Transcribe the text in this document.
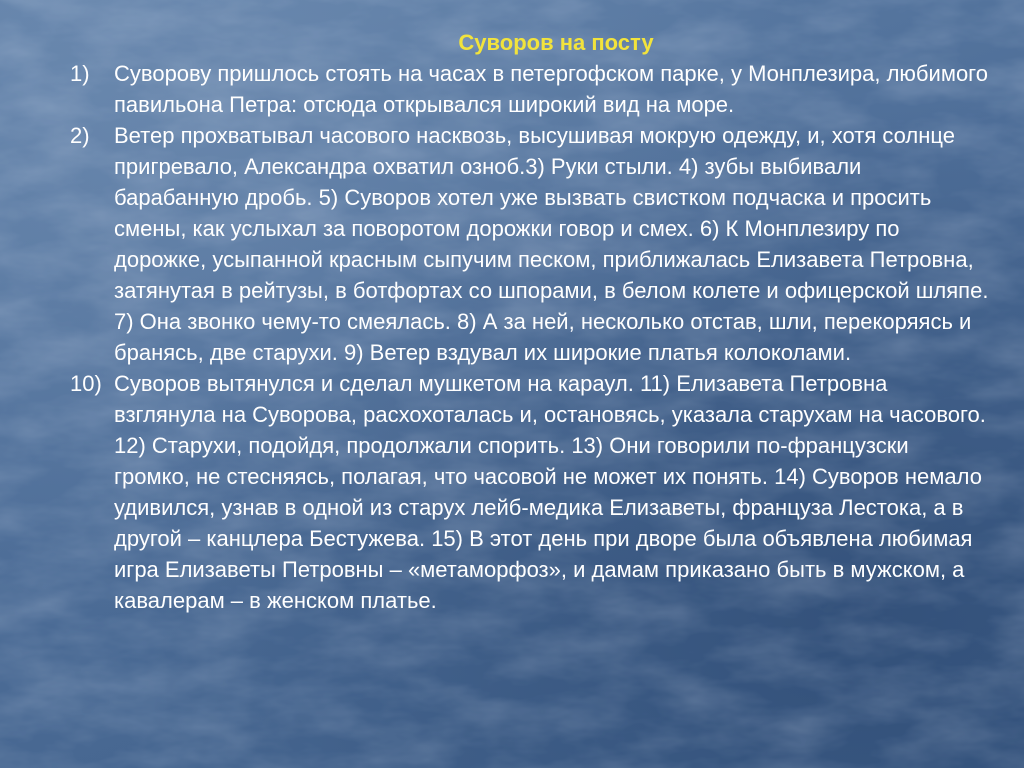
Суворов на посту
1) Суворову пришлось стоять на часах в петергофском парке, у Монплезира, любимого павильона Петра: отсюда открывался широкий вид на море.
2) Ветер прохватывал часового насквозь, высушивая мокрую одежду, и, хотя солнце пригревало, Александра охватил озноб.3) Руки стыли. 4) зубы выбивали барабанную дробь. 5) Суворов хотел уже вызвать свистком подчаска и просить смены, как услыхал за поворотом дорожки говор и смех. 6) К Монплезиру по дорожке, усыпанной красным сыпучим песком, приближалась Елизавета Петровна, затянутая в рейтузы, в ботфортах со шпорами, в белом колете и офицерской шляпе. 7) Она звонко чему-то смеялась. 8) А за ней, несколько отстав, шли, перекоряясь и бранясь, две старухи. 9) Ветер вздувал их широкие платья колоколами.
10) Суворов вытянулся и сделал мушкетом на караул. 11) Елизавета Петровна взглянула на Суворова, расхохоталась и, остановясь, указала старухам на часового. 12) Старухи, подойдя, продолжали спорить. 13) Они говорили по-французски громко, не стесняясь, полагая, что часовой не может их понять. 14) Суворов немало удивился, узнав в одной из старух лейб-медика Елизаветы, француза Лестока, а в другой – канцлера Бестужева. 15) В этот день при дворе была объявлена любимая игра Елизаветы Петровны – «метаморфоз», и дамам приказано быть в мужском, а кавалерам – в женском платье.
